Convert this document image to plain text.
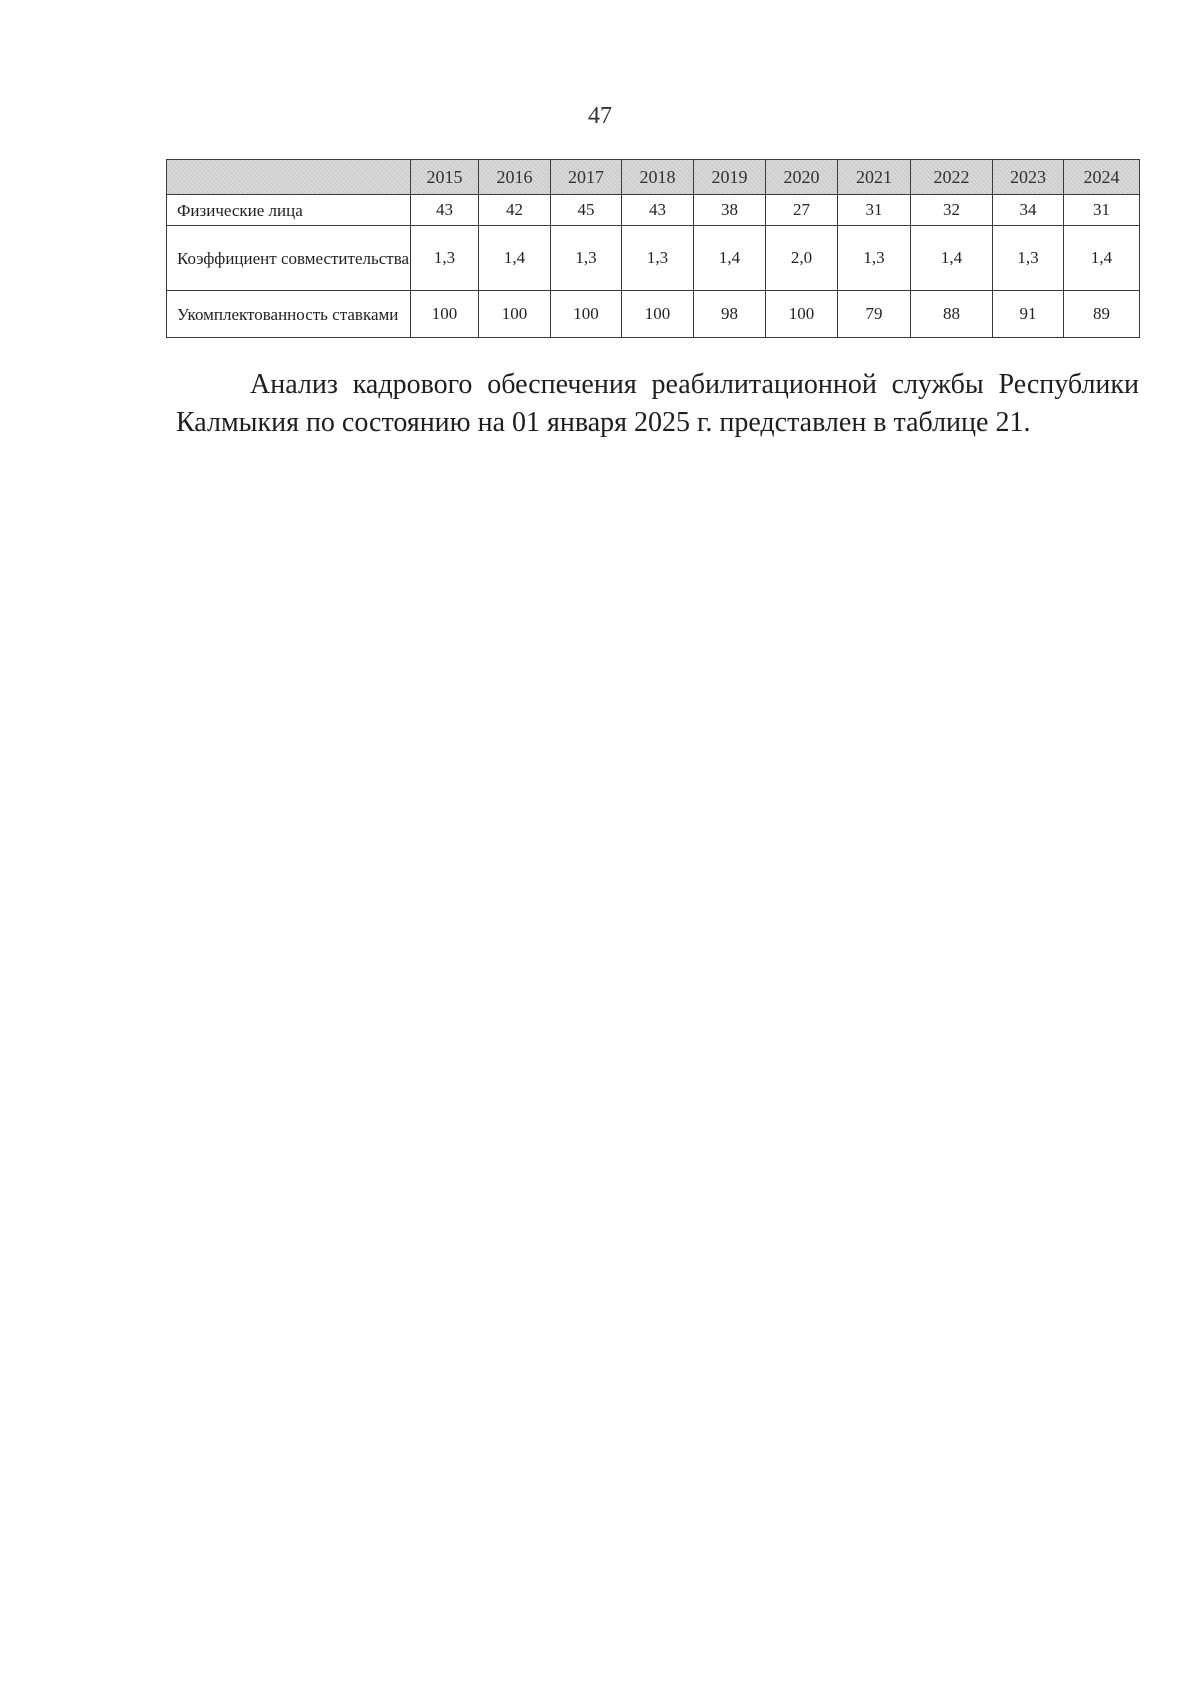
47
	2015	2016	2017	2018	2019	2020	2021	2022	2023	2024
Физические лица	43	42	45	43	38	27	31	32	34	31
Коэффициент совместительства	1,3	1,4	1,3	1,3	1,4	2,0	1,3	1,4	1,3	1,4
Укомплектованность ставками	100	100	100	100	98	100	79	88	91	89

Анализ кадрового обеспечения реабилитационной службы Республики Калмыкия по состоянию на 01 января 2025 г. представлен в таблице 21.
